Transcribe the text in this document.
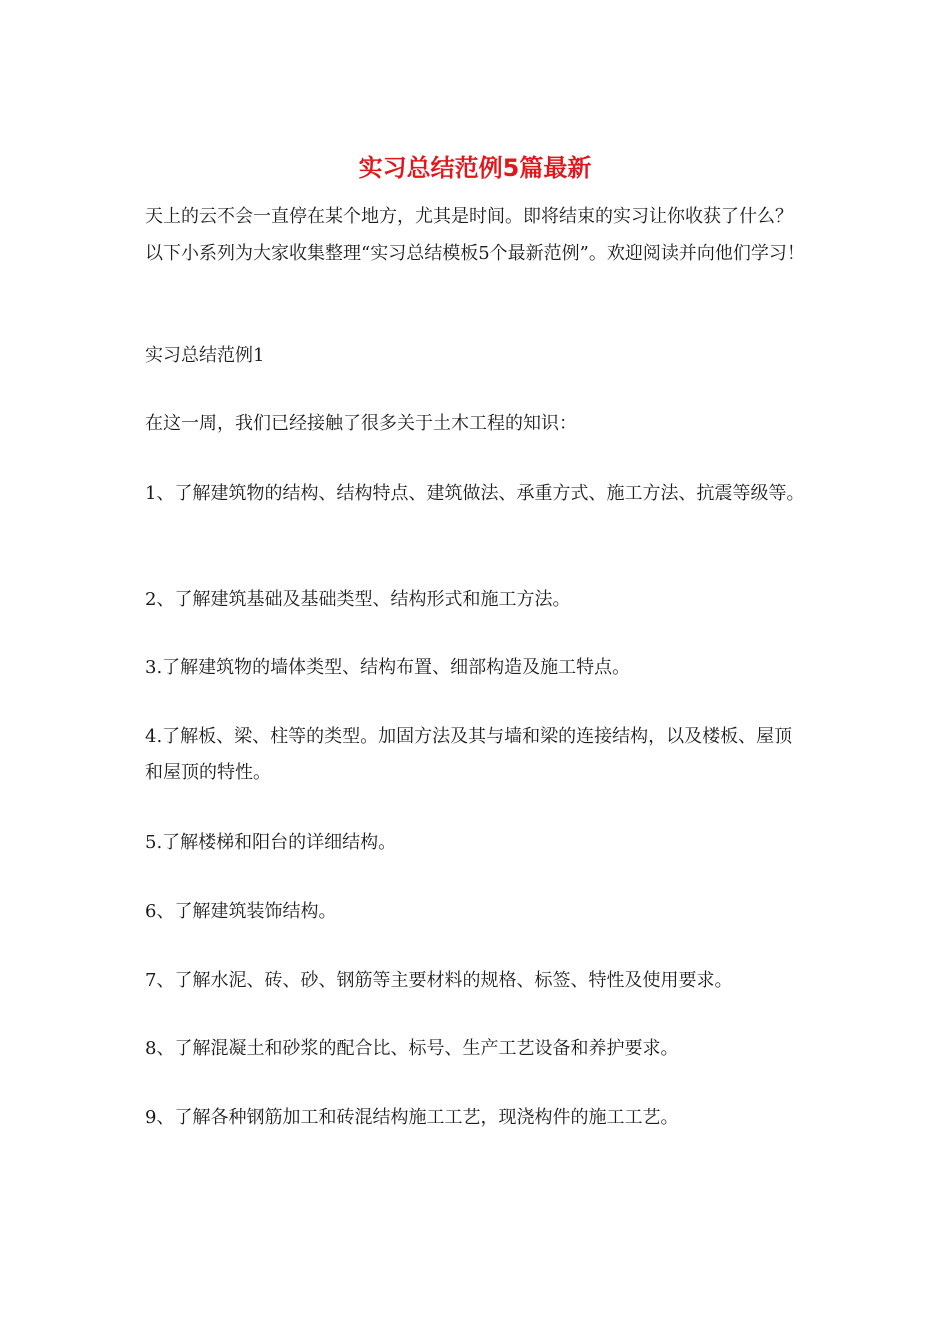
实习总结范例5篇最新

天上的云不会一直停在某个地方，尤其是时间。即将结束的实习让你收获了什么？以下小系列为大家收集整理“实习总结模板5个最新范例”。欢迎阅读并向他们学习！

实习总结范例1

在这一周，我们已经接触了很多关于土木工程的知识：

1、了解建筑物的结构、结构特点、建筑做法、承重方式、施工方法、抗震等级等。

2、了解建筑基础及基础类型、结构形式和施工方法。

3.了解建筑物的墙体类型、结构布置、细部构造及施工特点。

4.了解板、梁、柱等的类型。加固方法及其与墙和梁的连接结构，以及楼板、屋顶和屋顶的特性。

5.了解楼梯和阳台的详细结构。

6、了解建筑装饰结构。

7、了解水泥、砖、砂、钢筋等主要材料的规格、标签、特性及使用要求。

8、了解混凝土和砂浆的配合比、标号、生产工艺设备和养护要求。

9、了解各种钢筋加工和砖混结构施工工艺，现浇构件的施工工艺。
